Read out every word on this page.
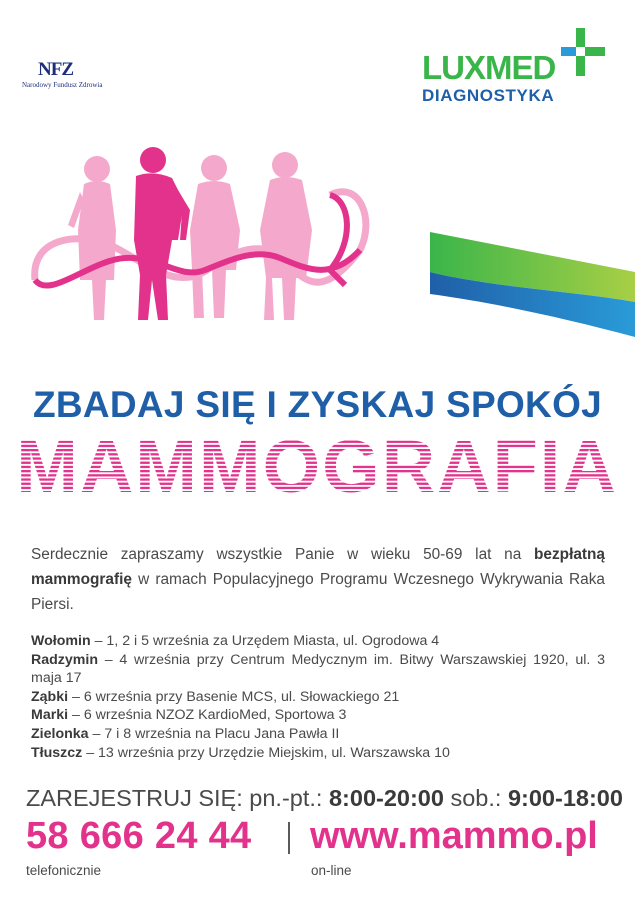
NFZ
Narodowy Fundusz Zdrowia	LUXMED
DIAGNOSTYKA
ZBADAJ SIĘ I ZYSKAJ SPOKÓJ
MAMMOGRAFIA

Serdecznie zapraszamy wszystkie Panie w wieku 50-69 lat na bezpłatną mammografię w ramach Populacyjnego Programu Wczesnego Wykrywania Raka Piersi.

Wołomin – 1, 2 i 5 września za Urzędem Miasta, ul. Ogrodowa 4
Radzymin – 4 września przy Centrum Medycznym im. Bitwy Warszawskiej 1920, ul. 3 maja 17
Ząbki – 6 września przy Basenie MCS, ul. Słowackiego 21
Marki – 6 września NZOZ KardioMed, Sportowa 3
Zielonka – 7 i 8 września na Placu Jana Pawła II
Tłuszcz – 13 września przy Urzędzie Miejskim, ul. Warszawska 10
ZAREJESTRUJ SIĘ: pn.-pt.: 8:00-20:00 sob.: 9:00-18:00
58 666 24 44 www.mammo.pl
telefonicznie	on-line
